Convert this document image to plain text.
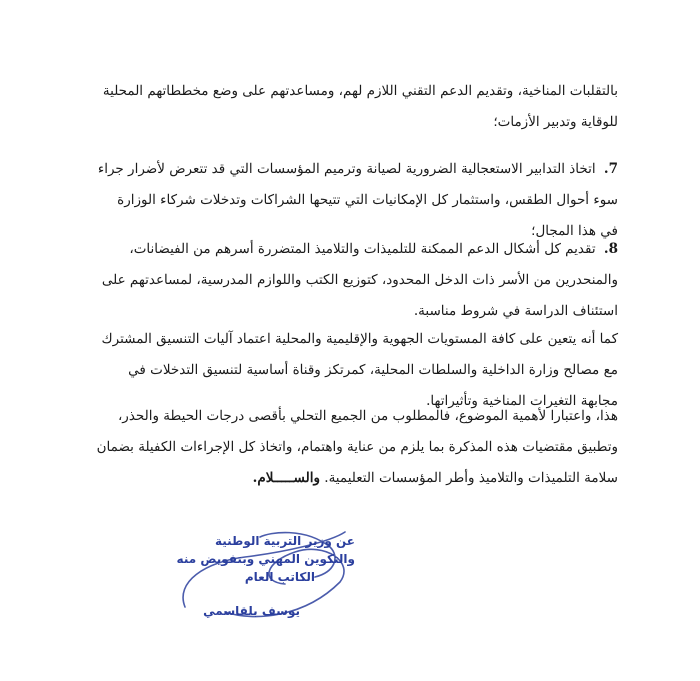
بالتقلبات المناخية، وتقديم الدعم التقني اللازم لهم، ومساعدتهم على وضع مخططاتهم المحلية للوقاية وتدبير الأزمات؛
7. اتخاذ التدابير الاستعجالية الضرورية لصيانة وترميم المؤسسات التي قد تتعرض لأضرار جراء سوء أحوال الطقس، واستثمار كل الإمكانيات التي تتيحها الشراكات وتدخلات شركاء الوزارة في هذا المجال؛
8. تقديم كل أشكال الدعم الممكنة للتلميذات والتلاميذ المتضررة أسرهم من الفيضانات، والمنحدرين من الأسر ذات الدخل المحدود، كتوزيع الكتب واللوازم المدرسية، لمساعدتهم على استئناف الدراسة في شروط مناسبة.
كما أنه يتعين على كافة المستويات الجهوية والإقليمية والمحلية اعتماد آليات التنسيق المشترك مع مصالح وزارة الداخلية والسلطات المحلية، كمرتكز وقناة أساسية لتنسيق التدخلات في مجابهة التغيرات المناخية وتأثيراتها.
هذا، واعتبارا لأهمية الموضوع، فالمطلوب من الجميع التحلي بأقصى درجات الحيطة والحذر، وتطبيق مقتضيات هذه المذكرة بما يلزم من عناية واهتمام، واتخاذ كل الإجراءات الكفيلة بضمان سلامة التلميذات والتلاميذ وأطر المؤسسات التعليمية. والســـــلام.
عن وزير التربية الوطنية
والتكوين المهني وبتفويض منه
الكاتب العام
يوسف بلقاسمي
